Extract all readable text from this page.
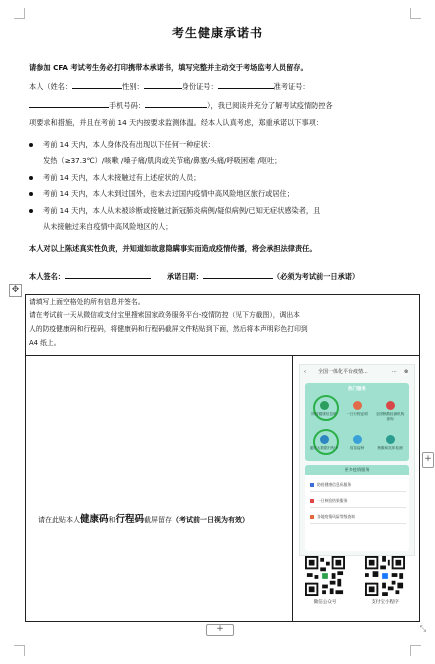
考生健康承诺书
请参加 CFA 考试考生务必打印携带本承诺书，填写完整并主动交于考场监考人员留存。
本人（姓名：	性别：	身份证号：	准考证号：
手机号码：	），我已阅读并充分了解考试疫情防控各
项要求和措施，并且在考前 14 天内按要求监测体温。经本人认真考虑，郑重承诺以下事项：
考前 14 天内，本人身体没有出现以下任何一种症状：
发热（≥37.3℃）/咳嗽 /嗓子痛/肌肉或关节痛/鼻塞/头痛/呼吸困难 /呕吐；
考前 14 天内，本人未接触过有上述症状的人员；
考前 14 天内，本人未到过国外，也未去过国内疫情中高风险地区旅行或居住；
考前 14 天内，本人从未被诊断或接触过新冠肺炎病例/疑似病例/已知无症状感染者，且
从未接触过来自疫情中高风险地区的人；
本人对以上陈述真实性负责，并知道如故意隐瞒事实而造成疫情传播，将会承担法律责任。
本人签名：	承诺日期：	（必须为考试前一日承诺）
✥
请填写上面空格处的所有信息并签名。
请在考试前一天从微信或支付宝里搜索国家政务服务平台-疫情防控（见下方截图），调出本
人的防疫健康码和行程码，将健康码和行程码截屏文件粘贴到下面，然后将本声明彩色打印到
A4 纸上。
请在此贴本人健康码和行程码截屏留存（考试前一日视为有效）
‹ 全国一体化平台疫情...	··· ⊗
热门服务
防疫健康信息码	一日行程证明	全国核酸检测机构查询
通信大数据行程卡	疫苗接种	核酸和抗体检测
更多疫情服务
防疫健康信息码服务
一日核验结果服务
各地疫情风险等级查询
微信公众号	支付宝小程序
+
+
⤡
